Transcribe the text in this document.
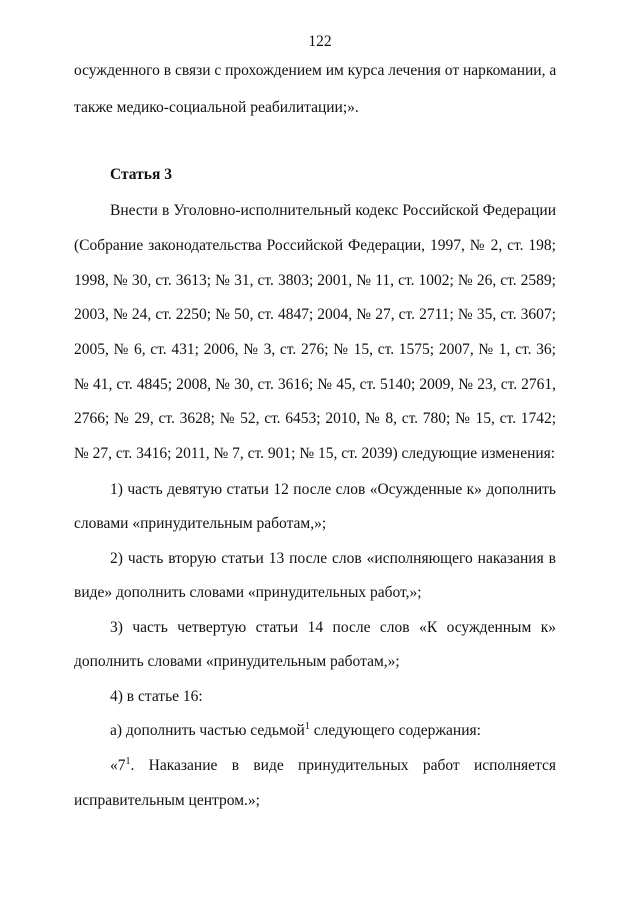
122
осужденного в связи с прохождением им курса лечения от наркомании, а
также медико-социальной реабилитации;».
Статья 3
Внести в Уголовно-исполнительный кодекс Российской Федерации
(Собрание законодательства Российской Федерации, 1997, № 2, ст. 198;
1998, № 30, ст. 3613; № 31, ст. 3803; 2001, № 11, ст. 1002; № 26, ст. 2589;
2003, № 24, ст. 2250; № 50, ст. 4847; 2004, № 27, ст. 2711; № 35, ст. 3607;
2005, № 6, ст. 431; 2006, № 3, ст. 276; № 15, ст. 1575; 2007, № 1, ст. 36;
№ 41, ст. 4845; 2008, № 30, ст. 3616; № 45, ст. 5140; 2009, № 23, ст. 2761,
2766; № 29, ст. 3628; № 52, ст. 6453; 2010, № 8, ст. 780; № 15, ст. 1742;
№ 27, ст. 3416; 2011, № 7, ст. 901; № 15, ст. 2039) следующие изменения:
1) часть девятую статьи 12 после слов «Осужденные к» дополнить
словами «принудительным работам,»;
2) часть вторую статьи 13 после слов «исполняющего наказания в
виде» дополнить словами «принудительных работ,»;
3) часть четвертую статьи 14 после слов «К осужденным к»
дополнить словами «принудительным работам,»;
4) в статье 16:
а) дополнить частью седьмой$^1$ следующего содержания:
«$7^1$. Наказание в виде принудительных работ исполняется
исправительным центром.»;
